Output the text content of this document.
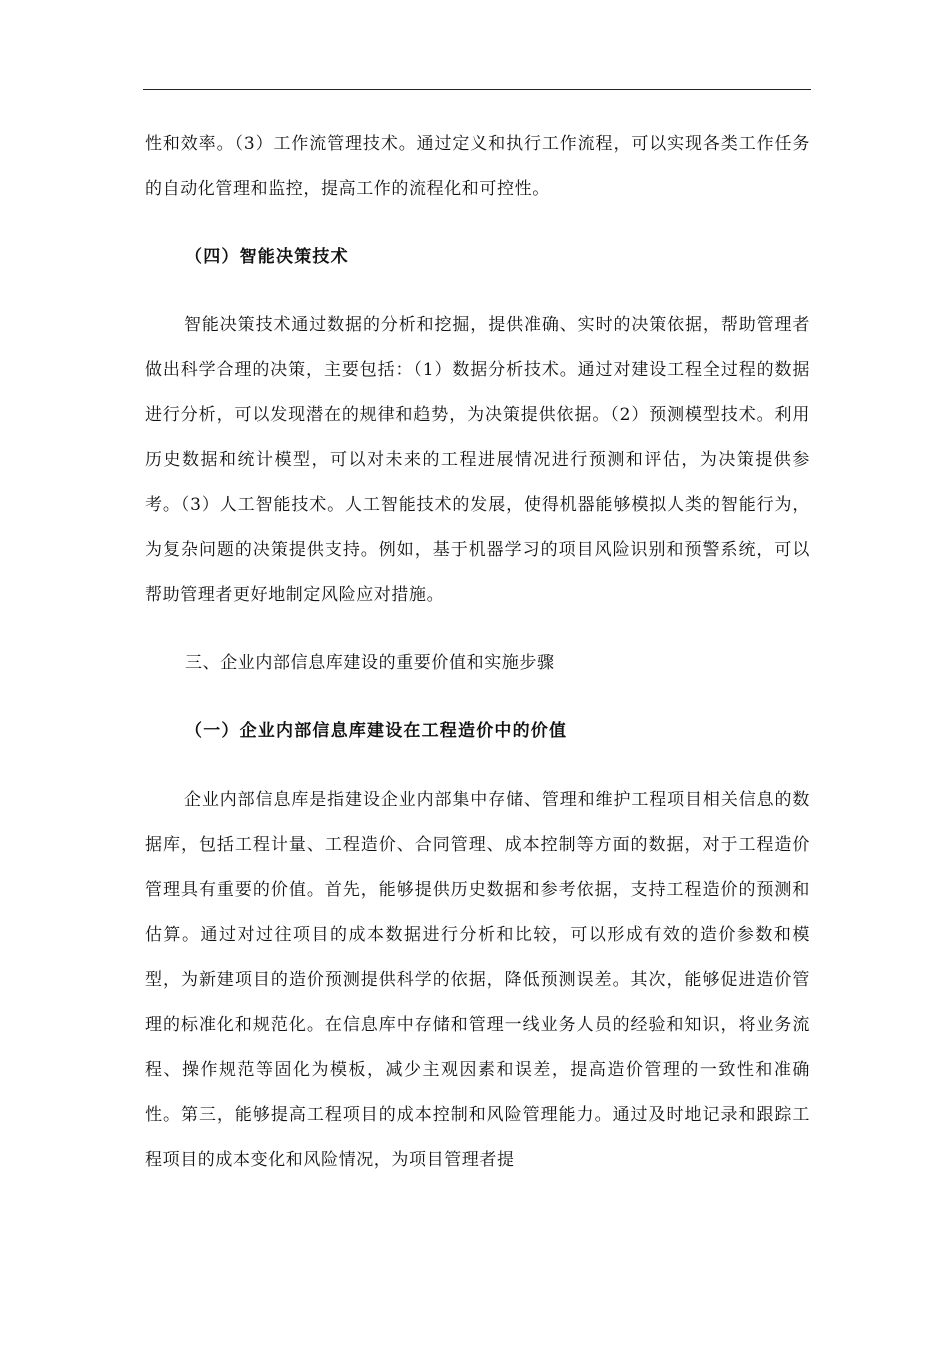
性和效率。（3）工作流管理技术。通过定义和执行工作流程，可以实现各类工作任务的自动化管理和监控，提高工作的流程化和可控性。

（四）智能决策技术

智能决策技术通过数据的分析和挖掘，提供准确、实时的决策依据，帮助管理者做出科学合理的决策，主要包括：（1）数据分析技术。通过对建设工程全过程的数据进行分析，可以发现潜在的规律和趋势，为决策提供依据。（2）预测模型技术。利用历史数据和统计模型，可以对未来的工程进展情况进行预测和评估，为决策提供参考。（3）人工智能技术。人工智能技术的发展，使得机器能够模拟人类的智能行为，为复杂问题的决策提供支持。例如，基于机器学习的项目风险识别和预警系统，可以帮助管理者更好地制定风险应对措施。

三、企业内部信息库建设的重要价值和实施步骤
（一）企业内部信息库建设在工程造价中的价值

企业内部信息库是指建设企业内部集中存储、管理和维护工程项目相关信息的数据库，包括工程计量、工程造价、合同管理、成本控制等方面的数据，对于工程造价管理具有重要的价值。首先，能够提供历史数据和参考依据，支持工程造价的预测和估算。通过对过往项目的成本数据进行分析和比较，可以形成有效的造价参数和模型，为新建项目的造价预测提供科学的依据，降低预测误差。其次，能够促进造价管理的标准化和规范化。在信息库中存储和管理一线业务人员的经验和知识，将业务流程、操作规范等固化为模板，减少主观因素和误差，提高造价管理的一致性和准确性。第三，能够提高工程项目的成本控制和风险管理能力。通过及时地记录和跟踪工程项目的成本变化和风险情况，为项目管理者提
